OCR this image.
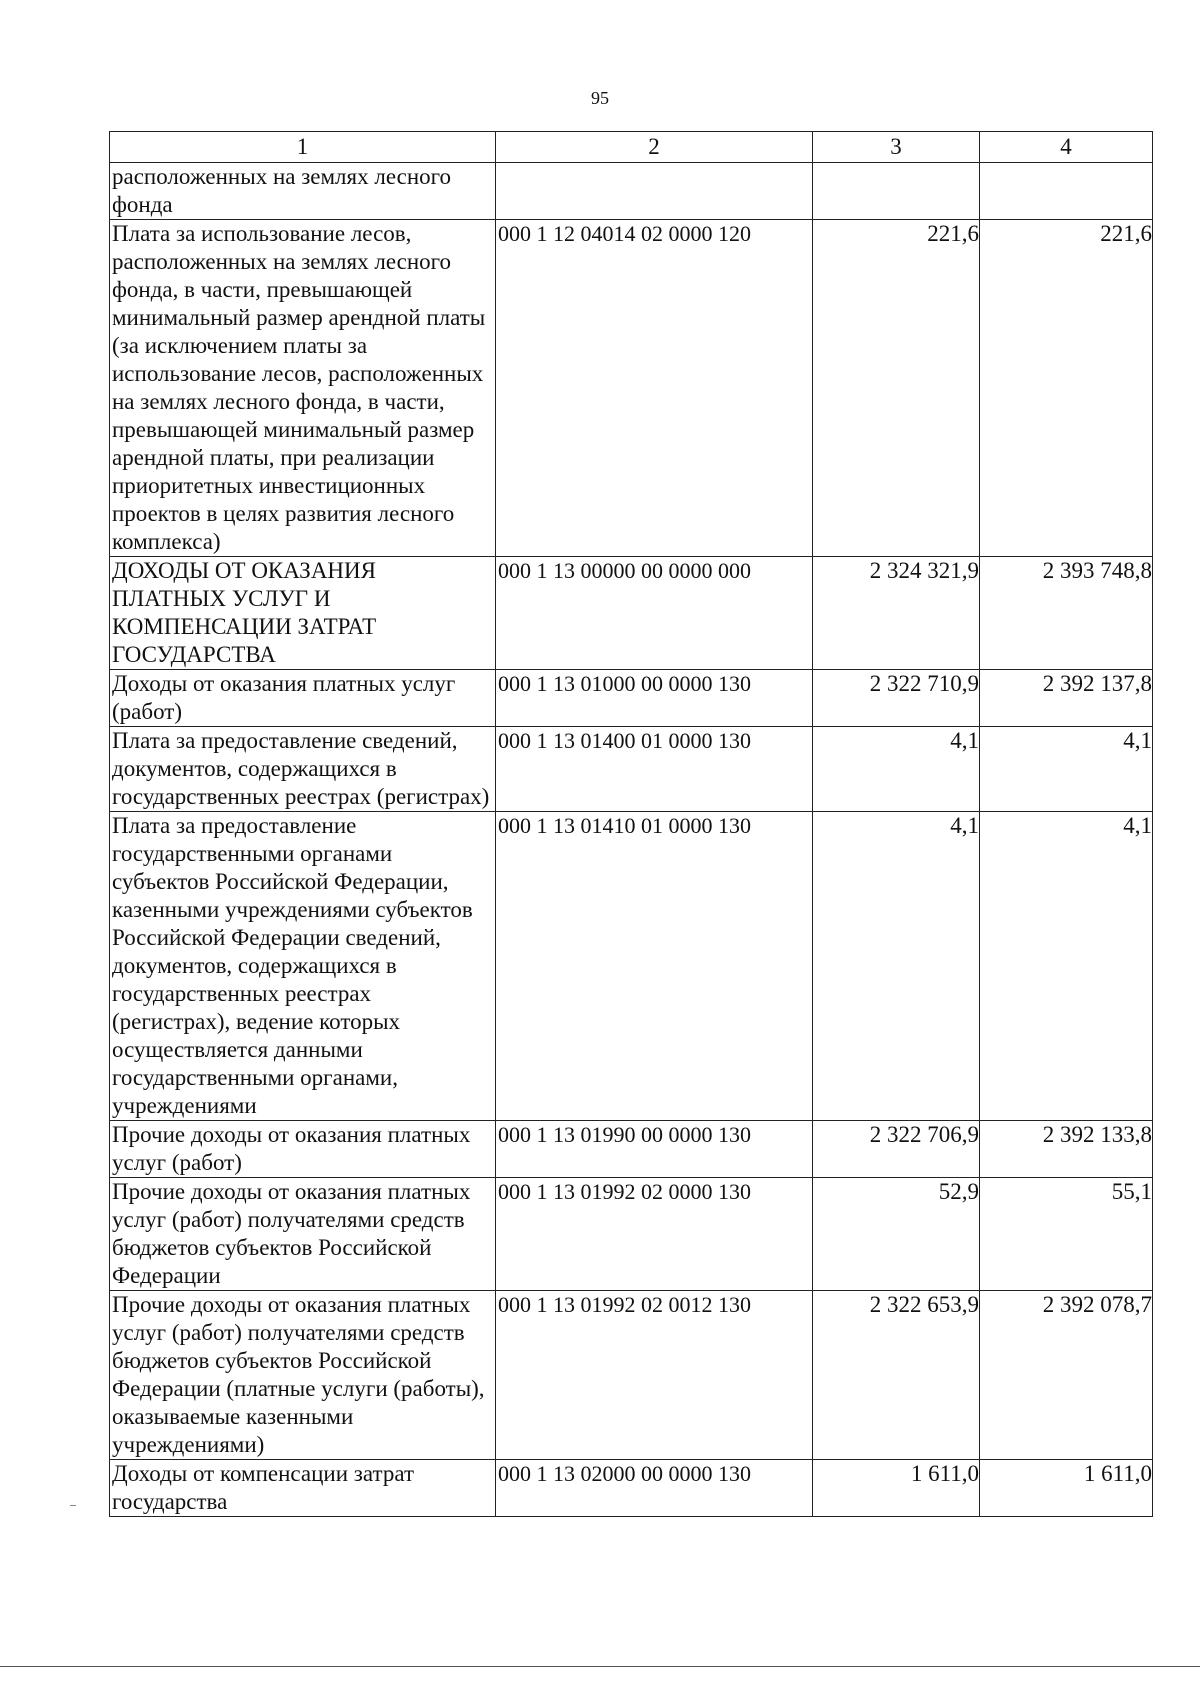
95
1	2	3	4
расположенных на землях лесного фонда			
Плата за использование лесов, расположенных на землях лесного фонда, в части, превышающей минимальный размер арендной платы (за исключением платы за использование лесов, расположенных на землях лесного фонда, в части, превышающей минимальный размер арендной платы, при реализации приоритетных инвестиционных проектов в целях развития лесного комплекса)	000 1 12 04014 02 0000 120	221,6	221,6
ДОХОДЫ ОТ ОКАЗАНИЯ ПЛАТНЫХ УСЛУГ И КОМПЕНСАЦИИ ЗАТРАТ ГОСУДАРСТВА	000 1 13 00000 00 0000 000	2 324 321,9	2 393 748,8
Доходы от оказания платных услуг (работ)	000 1 13 01000 00 0000 130	2 322 710,9	2 392 137,8
Плата за предоставление сведений, документов, содержащихся в государственных реестрах (регистрах)	000 1 13 01400 01 0000 130	4,1	4,1
Плата за предоставление государственными органами субъектов Российской Федерации, казенными учреждениями субъектов Российской Федерации сведений, документов, содержащихся в государственных реестрах (регистрах), ведение которых осуществляется данными государственными органами, учреждениями	000 1 13 01410 01 0000 130	4,1	4,1
Прочие доходы от оказания платных услуг (работ)	000 1 13 01990 00 0000 130	2 322 706,9	2 392 133,8
Прочие доходы от оказания платных услуг (работ) получателями средств бюджетов субъектов Российской Федерации	000 1 13 01992 02 0000 130	52,9	55,1
Прочие доходы от оказания платных услуг (работ) получателями средств бюджетов субъектов Российской Федерации (платные услуги (работы), оказываемые казенными учреждениями)	000 1 13 01992 02 0012 130	2 322 653,9	2 392 078,7
Доходы от компенсации затрат государства	000 1 13 02000 00 0000 130	1 611,0	1 611,0
